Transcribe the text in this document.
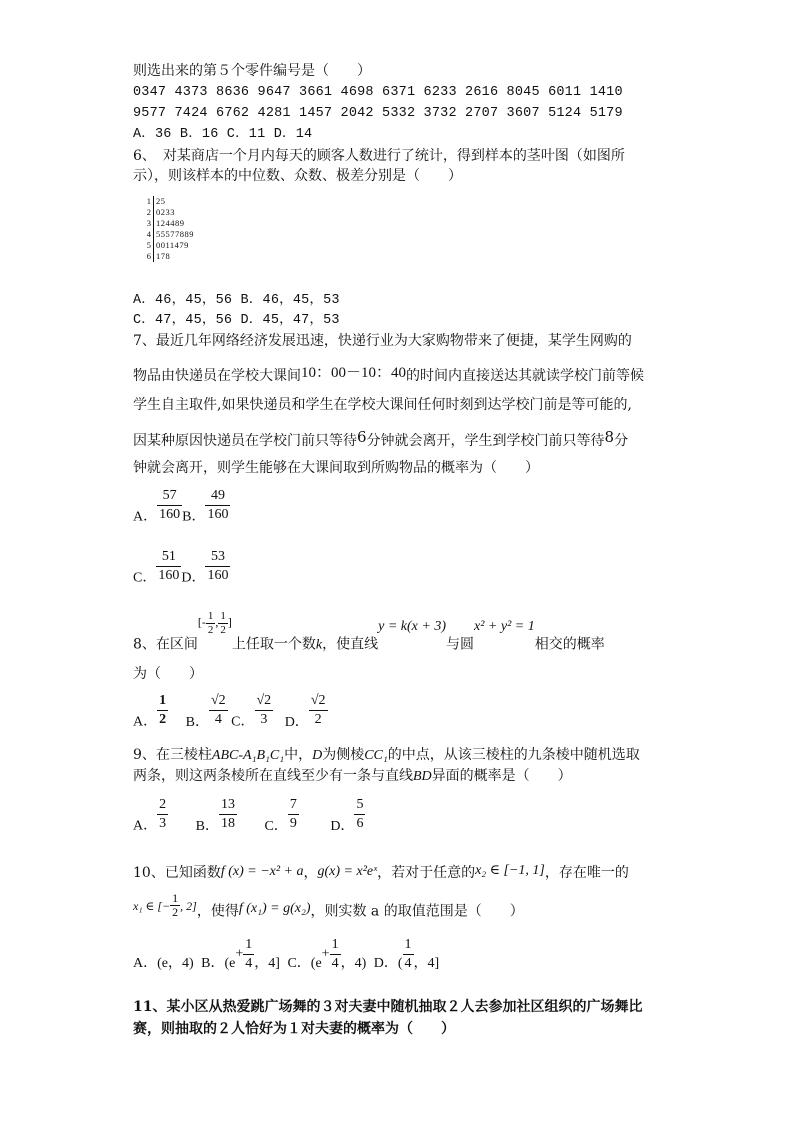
则选出来的第５个零件编号是（　　）
0347 4373 8636 9647 3661 4698 6371 6233 2616 8045 6011 1410
9577 7424 6762 4281 1457 2042 5332 3732 2707 3607 5124 5179
A．36 B．16 C．11 D．14
6、　对某商店一个月内每天的顾客人数进行了统计，得到样本的茎叶图（如图所
示），则该样本的中位数、众数、极差分别是（　　）
1 25
2 0233
3 124489
4 55577889
5 0011479
6 178
A．46，45，56 B．46，45，53
C．47，45，56 D．45，47，53
7、最近几年网络经济发展迅速，快递行业为大家购物带来了便捷，某学生网购的
物品由快递员在学校大课间10：00－10：40的时间内直接送达其就读学校门前等候
学生自主取件,如果快递员和学生在学校大课间任何时刻到达学校门前是等可能的,
因某种原因快递员在学校门前只等待6分钟就会离开，学生到学校门前只等待8分
钟就会离开，则学生能够在大课间取到所购物品的概率为（　　）
A． $\frac{57}{160}$ B． $\frac{49}{160}$
C． $\frac{51}{160}$ D． $\frac{53}{160}$
8、在区间[- $\frac{1}{2}$ , $\frac{1}{2}$ ]上任取一个数k，使直线y = k(x + 3)与圆x² + y² = 1相交的概率
为（　　）
A． $\frac{1}{2}$ B． $\frac{√2}{4}$ C． $\frac{√2}{3}$ D． $\frac{√2}{2}$
9、在三棱柱ABC-A₁B₁C₁中，D为侧棱CC₁的中点，从该三棱柱的九条棱中随机选取
两条，则这两条棱所在直线至少有一条与直线BD异面的概率是（　　）
A． $\frac{2}{3}$ B． $\frac{13}{18}$ C． $\frac{7}{9}$ D． $\frac{5}{6}$
10、已知函数f (x) = −x² + a，g(x) = x²eˣ，若对于任意的x₂ ∈ [−1, 1]，存在唯一的
x₁ ∈ [− $\frac{1}{2}$ , 2]，使得f (x₁) = g(x₂)，则实数 a 的取值范围是（　　）
A．(e，4) B．($e+ \frac{1}{4}$ ，4] C．($e+ \frac{1}{4}$ ，4) D．( $\frac{1}{4}$ ，4]
11、某小区从热爱跳广场舞的３对夫妻中随机抽取２人去参加社区组织的广场舞比
赛，则抽取的２人恰好为１对夫妻的概率为（　　）
